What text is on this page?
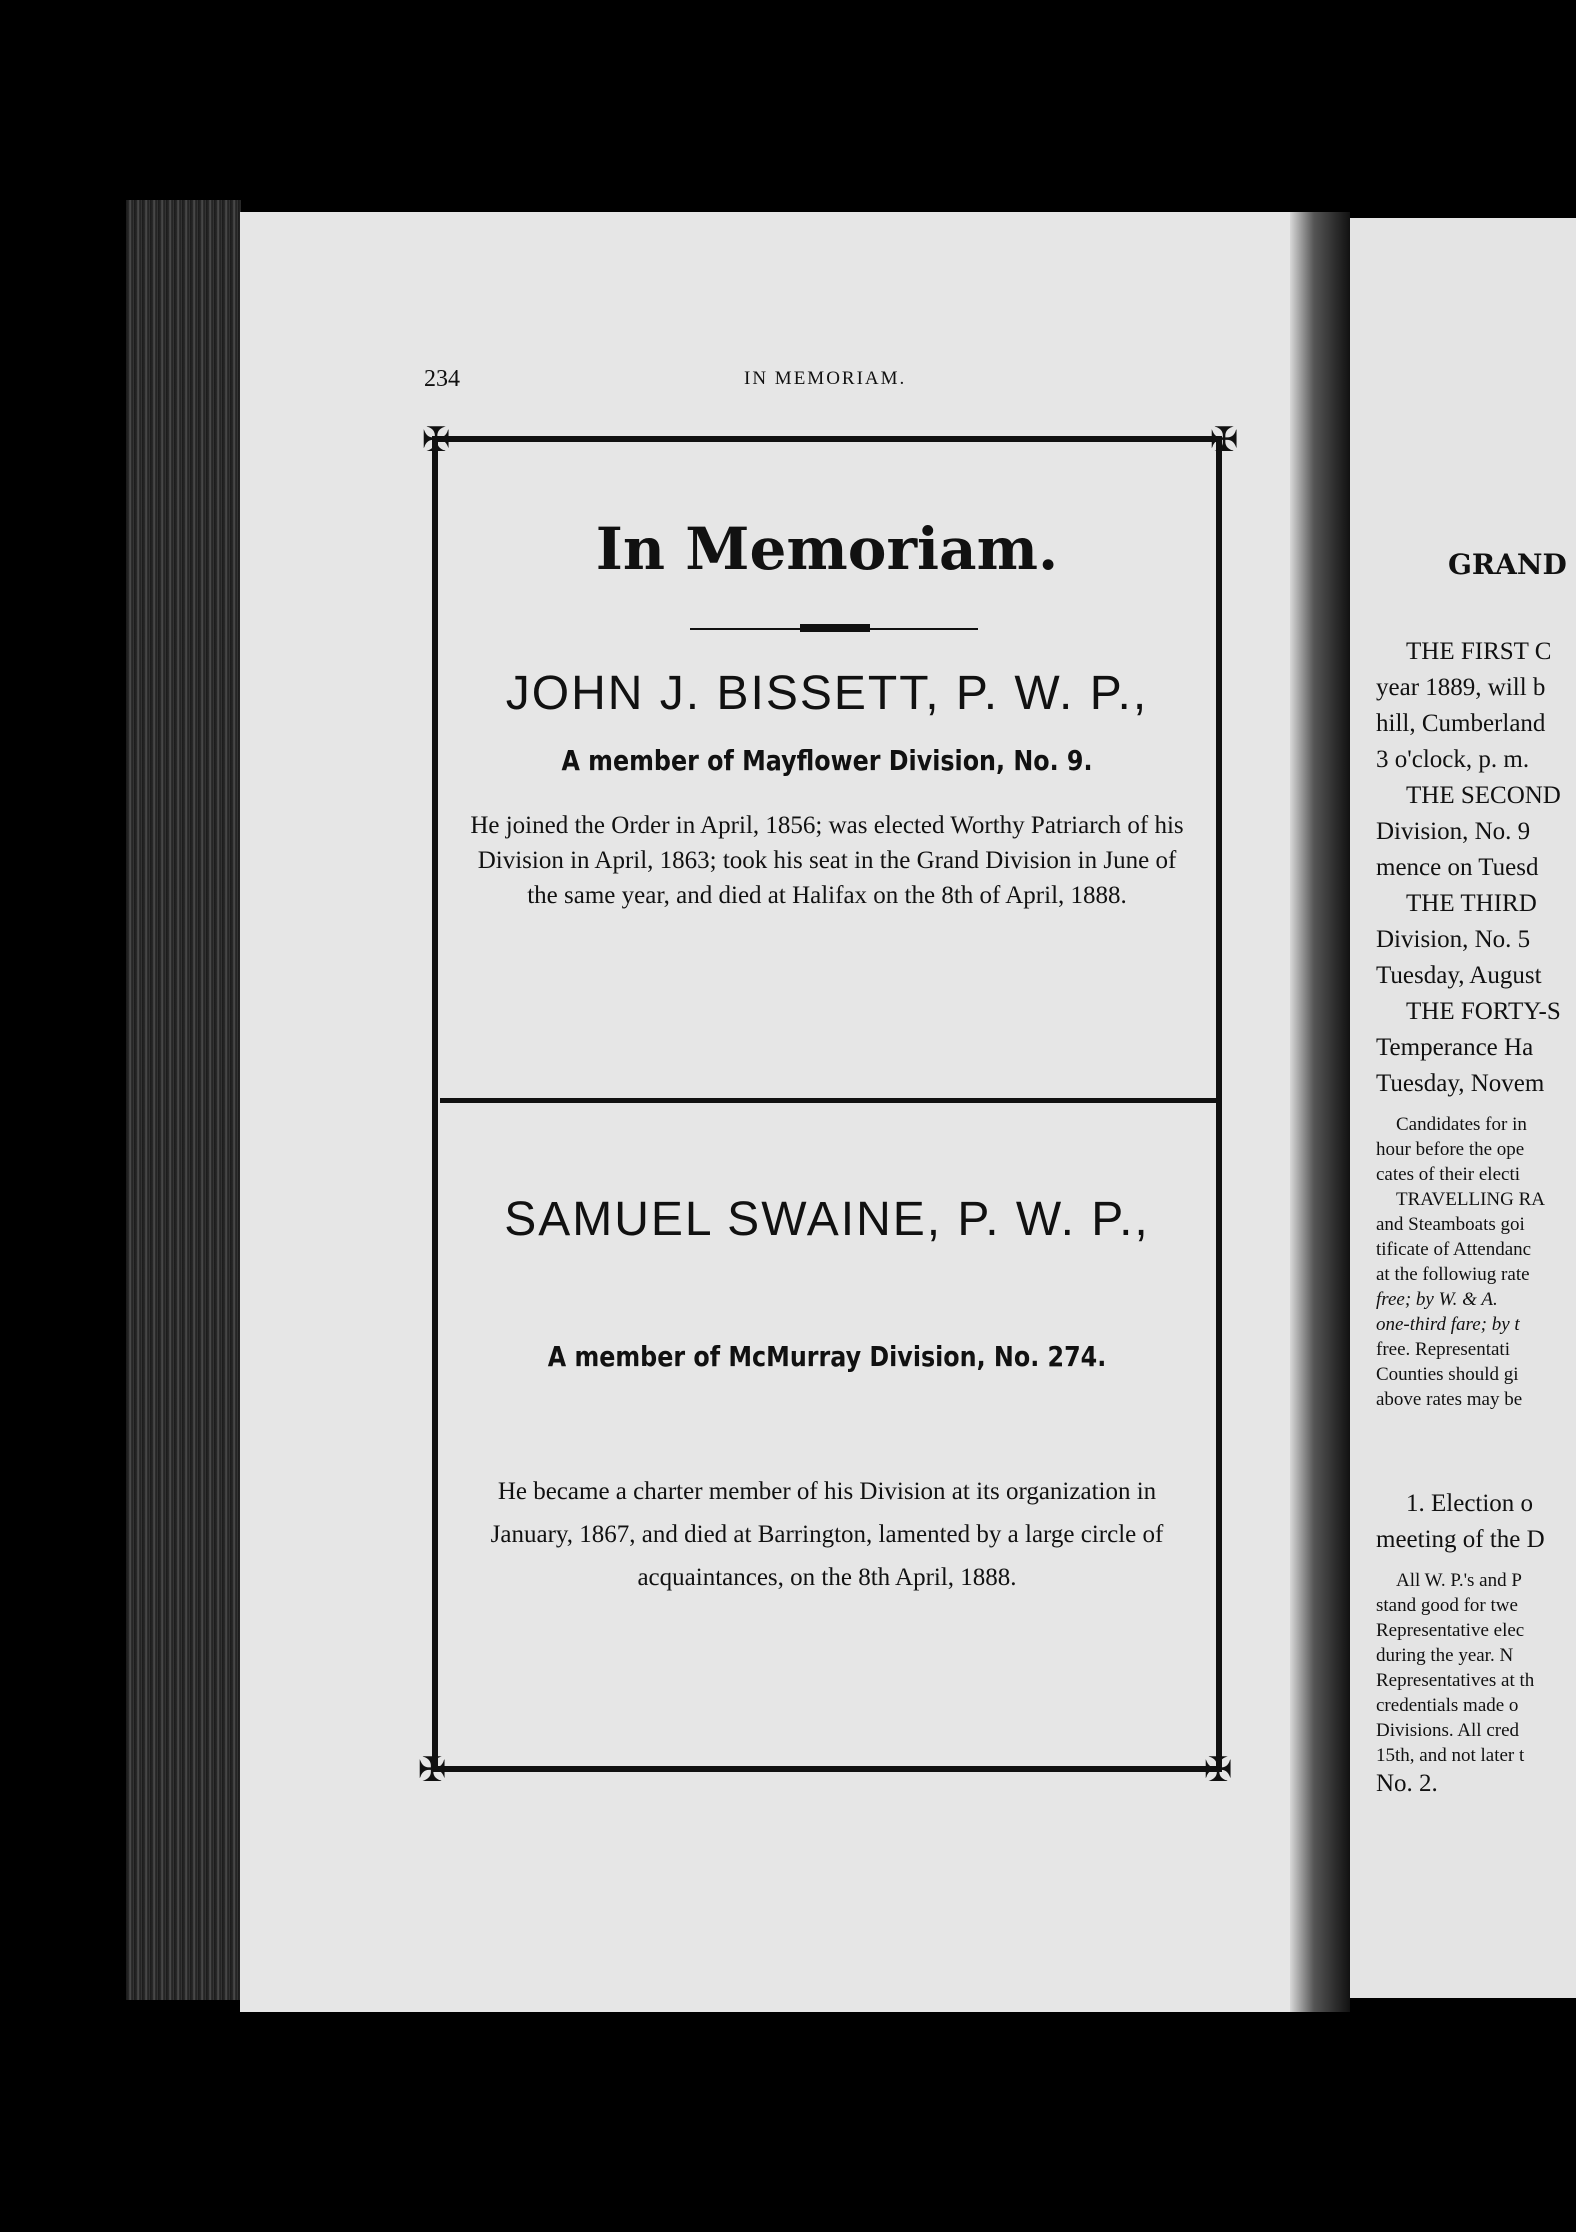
234	IN MEMORIAM.
✠	✠
✠	✠
In Memoriam.
JOHN J. BISSETT, P. W. P.,
A member of Mayflower Division, No. 9.
He joined the Order in April, 1856; was elected Worthy Patriarch of his Division in April, 1863; took his seat in the Grand Division in June of the same year, and died at Halifax on the 8th of April, 1888.
SAMUEL SWAINE, P. W. P.,
A member of McMurray Division, No. 274.
He became a charter member of his Division at its organization in January, 1867, and died at Barrington, lamented by a large circle of acquaintances, on the 8th April, 1888.
GRAND
THE FIRST C
year 1889, will b
hill, Cumberland
3 o'clock, p. m.
THE SECOND
Division, No. 9
mence on Tuesd
THE THIRD
Division, No. 5
Tuesday, August
THE FORTY-S
Temperance Ha
Tuesday, Novem
Candidates for in
hour before the ope
cates of their electi
TRAVELLING RA
and Steamboats goi
tificate of Attendanc
at the followiug rate
free; by W. & A.
one-third fare; by t
free. Representati
Counties should gi
above rates may be
1. Election o
meeting of the D
All W. P.'s and P
stand good for twe
Representative elec
during the year. N
Representatives at th
credentials made o
Divisions. All cred
15th, and not later t
No. 2.
